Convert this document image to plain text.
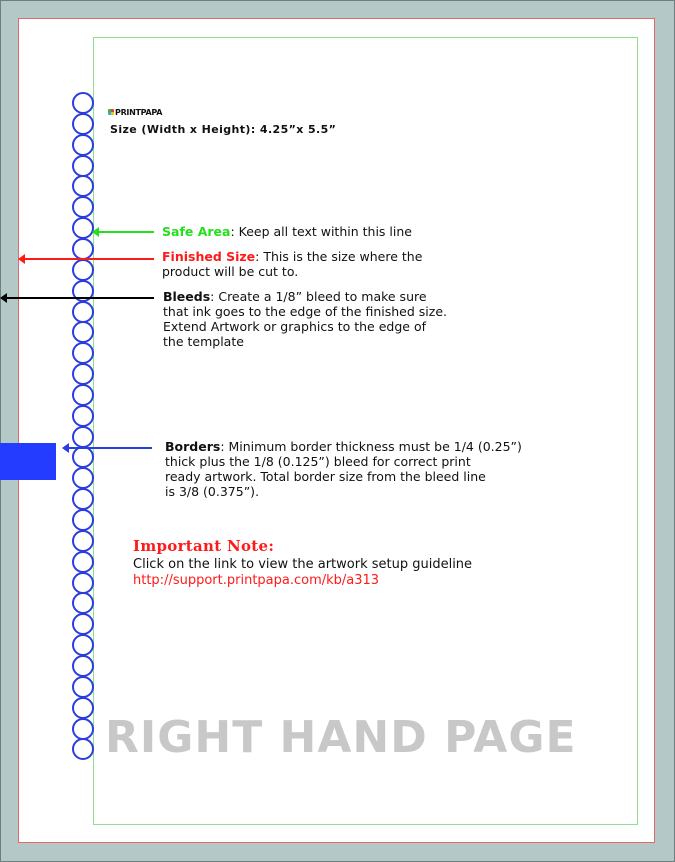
PRINTPAPA
Size (Width x Height): 4.25”x 5.5”
Safe Area: Keep all text within this line
Finished Size: This is the size where the
product will be cut to.
Bleeds: Create a 1/8” bleed to make sure
that ink goes to the edge of the finished size.
Extend Artwork or graphics to the edge of
the template
Borders: Minimum border thickness must be 1/4 (0.25”)
thick plus the 1/8 (0.125”) bleed for correct print
ready artwork. Total border size from the bleed line
is 3/8 (0.375”).
Important Note:
Click on the link to view the artwork setup guideline
http://support.printpapa.com/kb/a313
RIGHT HAND PAGE
